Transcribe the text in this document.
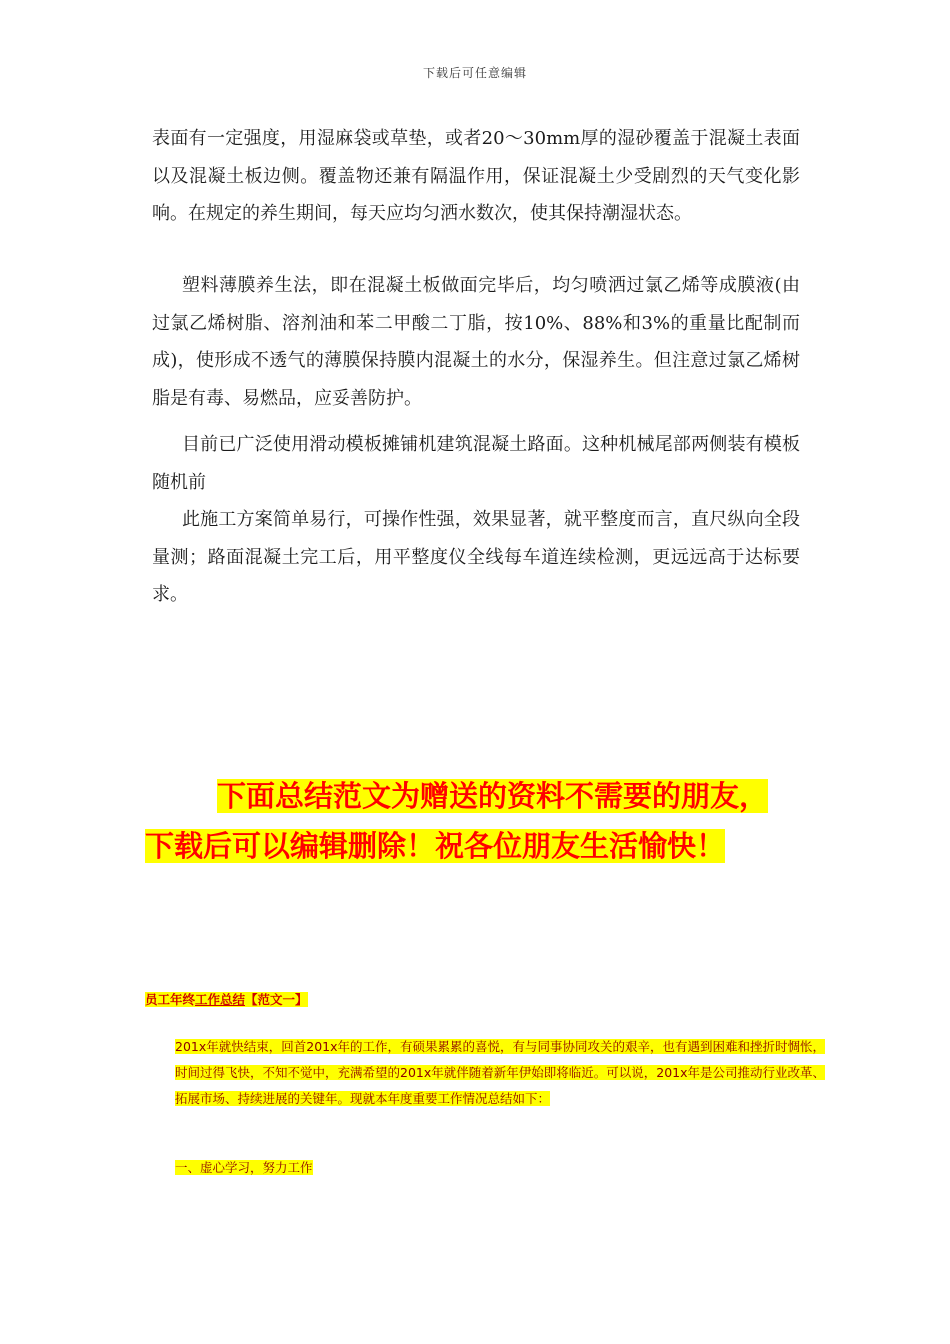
下载后可任意编辑

表面有一定强度，用湿麻袋或草垫，或者20～30mm厚的湿砂覆盖于混凝土表面以及混凝土板边侧。覆盖物还兼有隔温作用，保证混凝土少受剧烈的天气变化影响。在规定的养生期间，每天应均匀洒水数次，使其保持潮湿状态。

塑料薄膜养生法，即在混凝土板做面完毕后，均匀喷洒过氯乙烯等成膜液(由过氯乙烯树脂、溶剂油和苯二甲酸二丁脂，按10%、88%和3%的重量比配制而成)，使形成不透气的薄膜保持膜内混凝土的水分，保湿养生。但注意过氯乙烯树脂是有毒、易燃品，应妥善防护。

目前已广泛使用滑动模板摊铺机建筑混凝土路面。这种机械尾部两侧装有模板随机前

此施工方案简单易行，可操作性强，效果显著，就平整度而言，直尺纵向全段量测；路面混凝土完工后，用平整度仪全线每车道连续检测，更远远高于达标要求。

下面总结范文为赠送的资料不需要的朋友，

下载后可以编辑删除！祝各位朋友生活愉快！

员工年终工作总结【范文一】

201x年就快结束，回首201x年的工作，有硕果累累的喜悦，有与同事协同攻关的艰辛，也有遇到困难和挫折时惆怅，时间过得飞快，不知不觉中，充满希望的201x年就伴随着新年伊始即将临近。可以说，201x年是公司推动行业改革、拓展市场、持续进展的关键年。现就本年度重要工作情况总结如下：

一、虚心学习，努力工作
